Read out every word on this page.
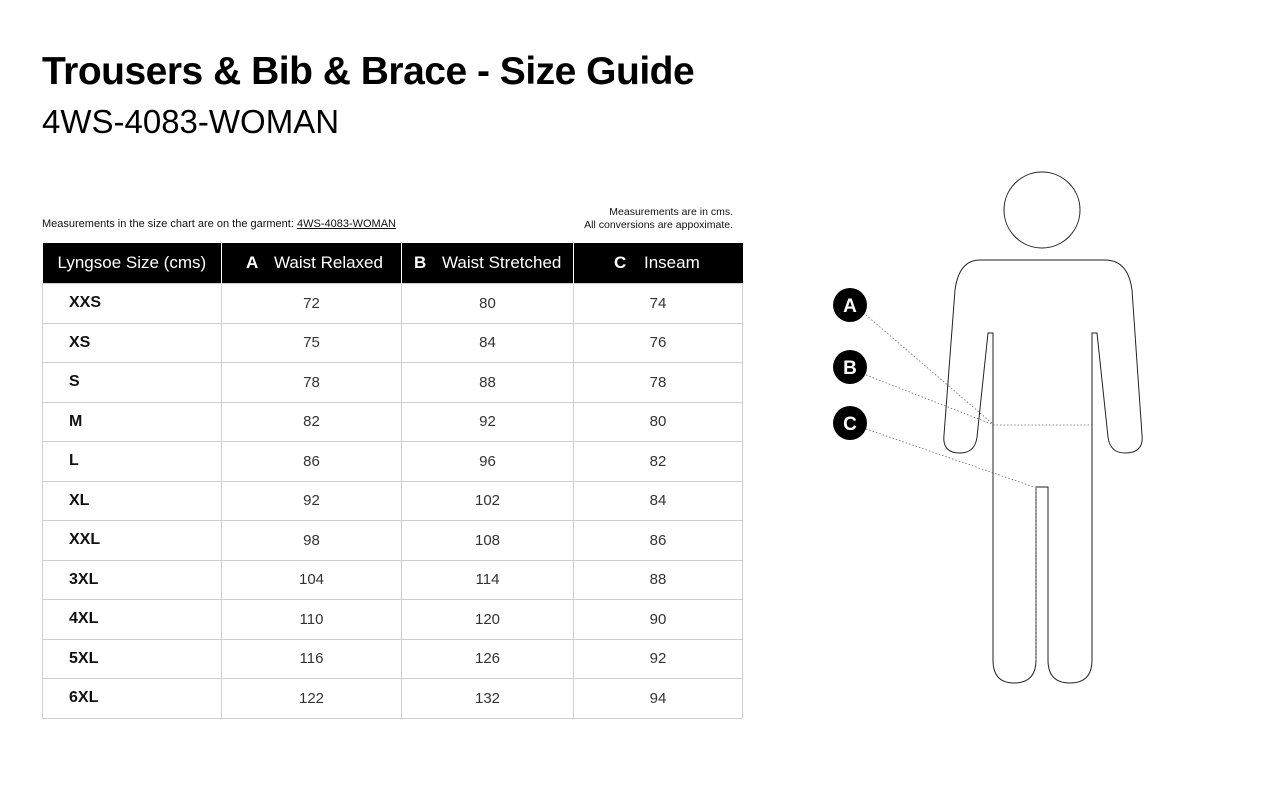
Trousers & Bib & Brace - Size Guide
4WS-4083-WOMAN
Measurements in the size chart are on the garment: 4WS-4083-WOMAN
Measurements are in cms.
All conversions are appoximate.
Lyngsoe Size (cms)	A Waist Relaxed	B Waist Stretched	C Inseam
XXS	72	80	74
XS	75	84	76
S	78	88	78
M	82	92	80
L	86	96	82
XL	92	102	84
XXL	98	108	86
3XL	104	114	88
4XL	110	120	90
5XL	116	126	92
6XL	122	132	94
A
B
C
